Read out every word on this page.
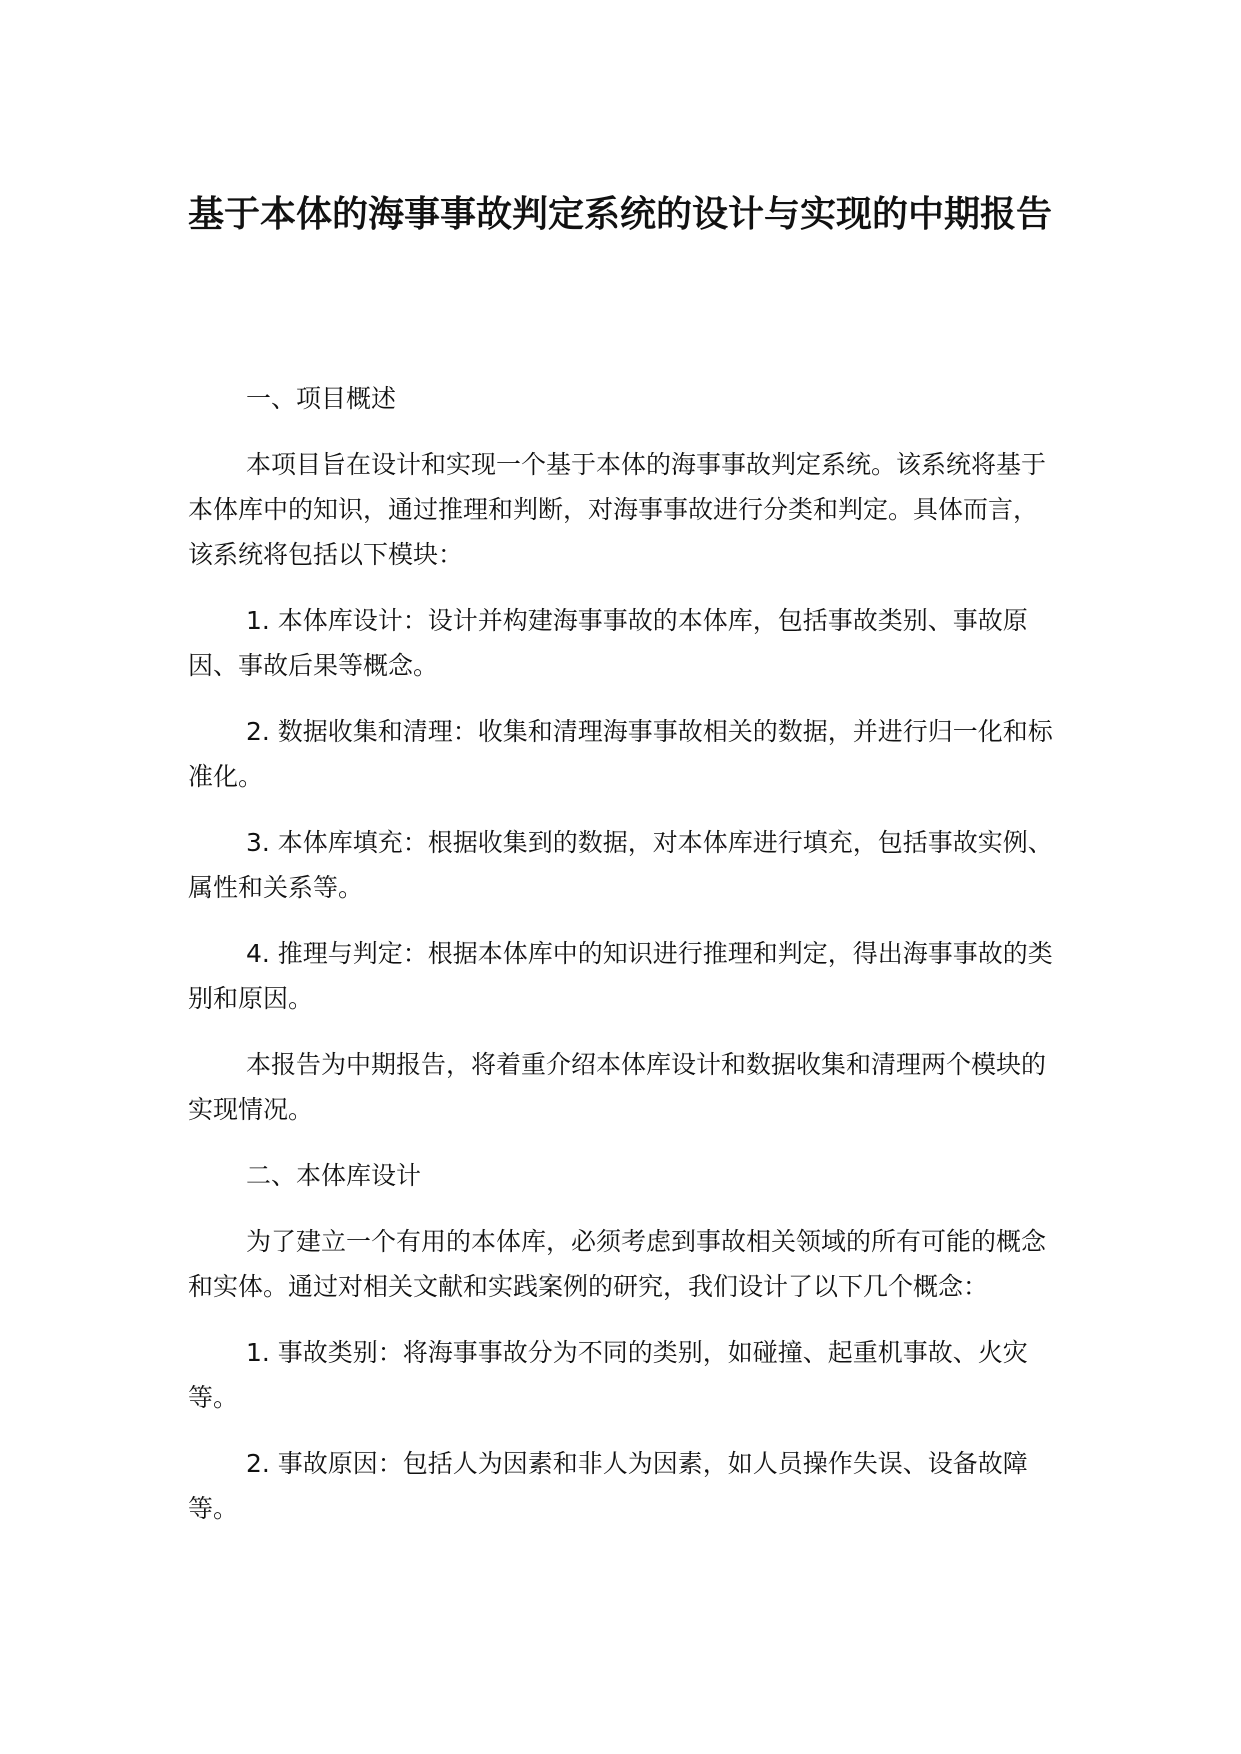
基于本体的海事事故判定系统的设计与实现的中期报告

一、项目概述

本项目旨在设计和实现一个基于本体的海事事故判定系统。该系统将基于本体库中的知识，通过推理和判断，对海事事故进行分类和判定。具体而言，该系统将包括以下模块：

1. 本体库设计：设计并构建海事事故的本体库，包括事故类别、事故原因、事故后果等概念。

2. 数据收集和清理：收集和清理海事事故相关的数据，并进行归一化和标准化。

3. 本体库填充：根据收集到的数据，对本体库进行填充，包括事故实例、属性和关系等。

4. 推理与判定：根据本体库中的知识进行推理和判定，得出海事事故的类别和原因。

本报告为中期报告，将着重介绍本体库设计和数据收集和清理两个模块的实现情况。

二、本体库设计

为了建立一个有用的本体库，必须考虑到事故相关领域的所有可能的概念和实体。通过对相关文献和实践案例的研究，我们设计了以下几个概念：

1. 事故类别：将海事事故分为不同的类别，如碰撞、起重机事故、火灾等。

2. 事故原因：包括人为因素和非人为因素，如人员操作失误、设备故障等。
